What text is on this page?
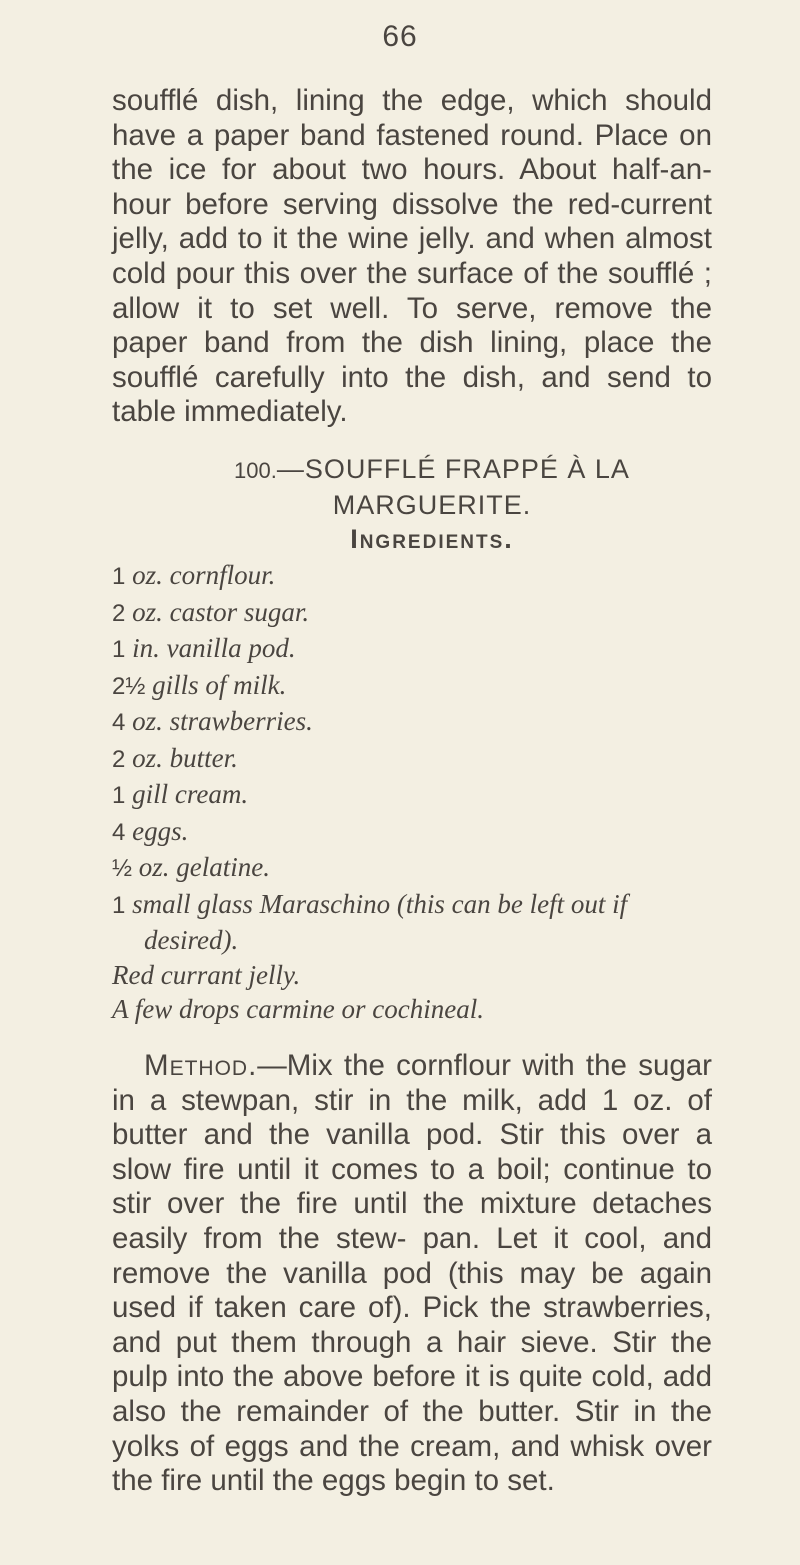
66

soufflé dish, lining the edge, which should have a paper band fastened round. Place on the ice for about two hours. About half-an-hour before serving dissolve the red-current jelly, add to it the wine jelly. and when almost cold pour this over the surface of the soufflé ; allow it to set well. To serve, remove the paper band from the dish lining, place the soufflé carefully into the dish, and send to table immediately.

100.—SOUFFLÉ FRAPPÉ À LA
MARGUERITE.
Ingredients.
1 oz. cornflour.
2 oz. castor sugar.
1 in. vanilla pod.
2½ gills of milk.
4 oz. strawberries.
2 oz. butter.
1 gill cream.
4 eggs.
½ oz. gelatine.
1 small glass Maraschino (this can be left out if desired).
Red currant jelly.
A few drops carmine or cochineal.

Method.—Mix the cornflour with the sugar in a stewpan, stir in the milk, add 1 oz. of butter and the vanilla pod. Stir this over a slow fire until it comes to a boil; continue to stir over the fire until the mixture detaches easily from the stew- pan. Let it cool, and remove the vanilla pod (this may be again used if taken care of). Pick the strawberries, and put them through a hair sieve. Stir the pulp into the above before it is quite cold, add also the remainder of the butter. Stir in the yolks of eggs and the cream, and whisk over the fire until the eggs begin to set.
